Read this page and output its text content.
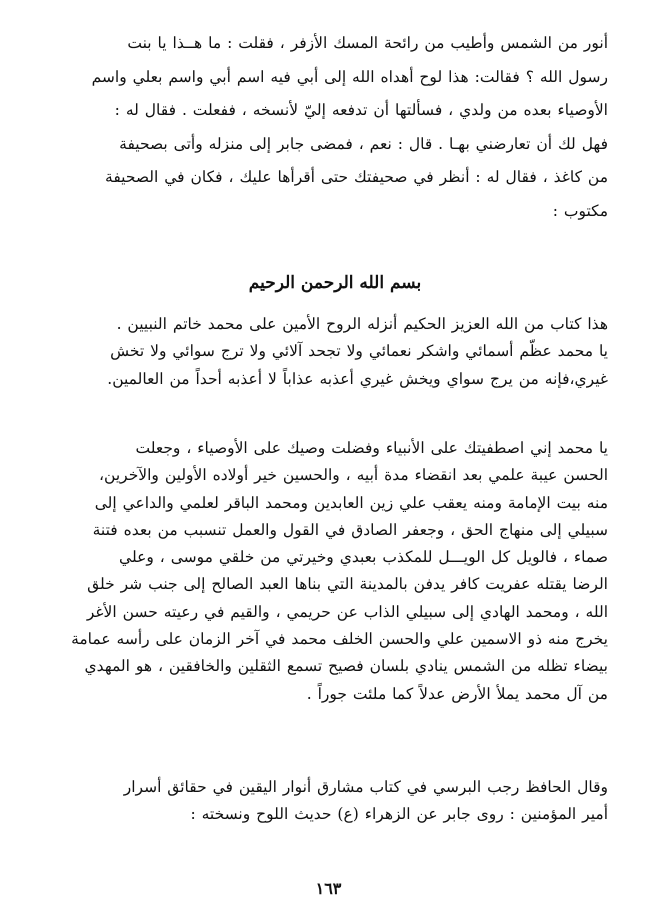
أنور من الشمس وأطيب من رائحة المسك الأزفر ، فقلت : ما هــذا يا بنت
رسول الله ؟ فقالت: هذا لوح أهداه الله إلى أبي فيه اسم أبي واسم بعلي واسم
الأوصياء بعده من ولدي ، فسألتها أن تدفعه إليّ لأنسخه ، ففعلت . فقال له :
فهل لك أن تعارضني بهـا . قال : نعم ، فمضى جابر إلى منزله وأتى بصحيفة
من كاغذ ، فقال له : أنظر في صحيفتك حتى أقرأها عليك ، فكان في الصحيفة
مكتوب :
بسم الله الرحمن الرحيم
هذا كتاب من الله العزيز الحكيم أنزله الروح الأمين على محمد خاتم النبيين .
يا محمد عظّم أسمائي واشكر نعمائي ولا تجحد آلائي ولا ترج سوائي ولا تخش
غيري،فإنه من يرج سواي ويخش غيري أعذبه عذاباً لا أعذبه أحداً من العالمين.
يا محمد إني اصطفيتك على الأنبياء وفضلت وصيك على الأوصياء ، وجعلت
الحسن عيبة علمي بعد انقضاء مدة أبيه ، والحسين خير أولاده الأولين والآخرين،
منه بيت الإمامة ومنه يعقب علي زين العابدين ومحمد الباقر لعلمي والداعي إلى
سبيلي إلى منهاج الحق ، وجعفر الصادق في القول والعمل تنسبب من بعده فتنة
صماء ، فالويل كل الويـــل للمكذب بعبدي وخيرتي من خلقي موسى ، وعلي
الرضا يقتله عفريت كافر يدفن بالمدينة التي بناها العبد الصالح إلى جنب شر خلق
الله ، ومحمد الهادي إلى سبيلي الذاب عن حريمي ، والقيم في رعيته حسن الأغر
يخرج منه ذو الاسمين علي والحسن الخلف محمد في آخر الزمان على رأسه عمامة
بيضاء تظله من الشمس ينادي بلسان فصيح تسمع الثقلين والخافقين ، هو المهدي
من آل محمد يملأ الأرض عدلاً كما ملئت جوراً .
وقال الحافظ رجب البرسي في كتاب مشارق أنوار اليقين في حقائق أسرار
أمير المؤمنين : روى جابر عن الزهراء (ع) حديث اللوح ونسخته :
١٦٣
